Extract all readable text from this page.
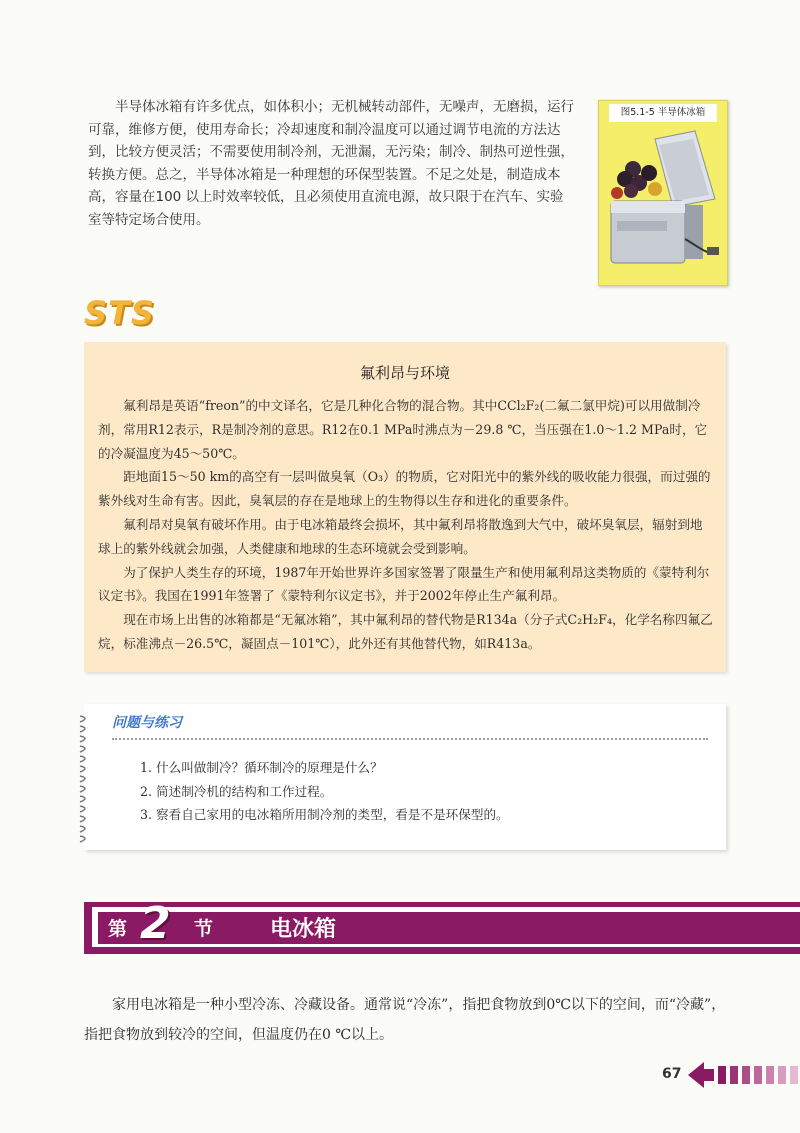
半导体冰箱有许多优点，如体积小；无机械转动部件，无噪声，无磨损，运行可靠，维修方便，使用寿命长；冷却速度和制冷温度可以通过调节电流的方法达到，比较方便灵活；不需要使用制冷剂，无泄漏，无污染；制冷、制热可逆性强，转换方便。总之，半导体冰箱是一种理想的环保型装置。不足之处是，制造成本高，容量在100 以上时效率较低，且必须使用直流电源，故只限于在汽车、实验室等特定场合使用。

图5.1-5 半导体冰箱
STS
氟利昂与环境

氟利昂是英语“freon”的中文译名，它是几种化合物的混合物。其中CCl₂F₂(二氟二氯甲烷)可以用做制冷剂，常用R12表示，R是制冷剂的意思。R12在0.1 MPa时沸点为－29.8 ℃，当压强在1.0～1.2 MPa时，它的冷凝温度为45～50℃。

距地面15～50 km的高空有一层叫做臭氧（O₃）的物质，它对阳光中的紫外线的吸收能力很强，而过强的紫外线对生命有害。因此，臭氧层的存在是地球上的生物得以生存和进化的重要条件。

氟利昂对臭氧有破坏作用。由于电冰箱最终会损坏，其中氟利昂将散逸到大气中，破坏臭氧层，辐射到地球上的紫外线就会加强，人类健康和地球的生态环境就会受到影响。

为了保护人类生存的环境，1987年开始世界许多国家签署了限量生产和使用氟利昂这类物质的《蒙特利尔议定书》。我国在1991年签署了《蒙特利尔议定书》，并于2002年停止生产氟利昂。

现在市场上出售的冰箱都是“无氟冰箱”，其中氟利昂的替代物是R134a（分子式C₂H₂F₄，化学名称四氟乙烷，标准沸点－26.5℃，凝固点－101℃），此外还有其他替代物，如R413a。

问题与练习
1. 什么叫做制冷？循环制冷的原理是什么？
2. 简述制冷机的结构和工作过程。
3. 察看自己家用的电冰箱所用制冷剂的类型，看是不是环保型的。
第 2 节	电冰箱

家用电冰箱是一种小型冷冻、冷藏设备。通常说“冷冻”，指把食物放到0℃以下的空间，而“冷藏”，指把食物放到较冷的空间，但温度仍在0 ℃以上。

67
